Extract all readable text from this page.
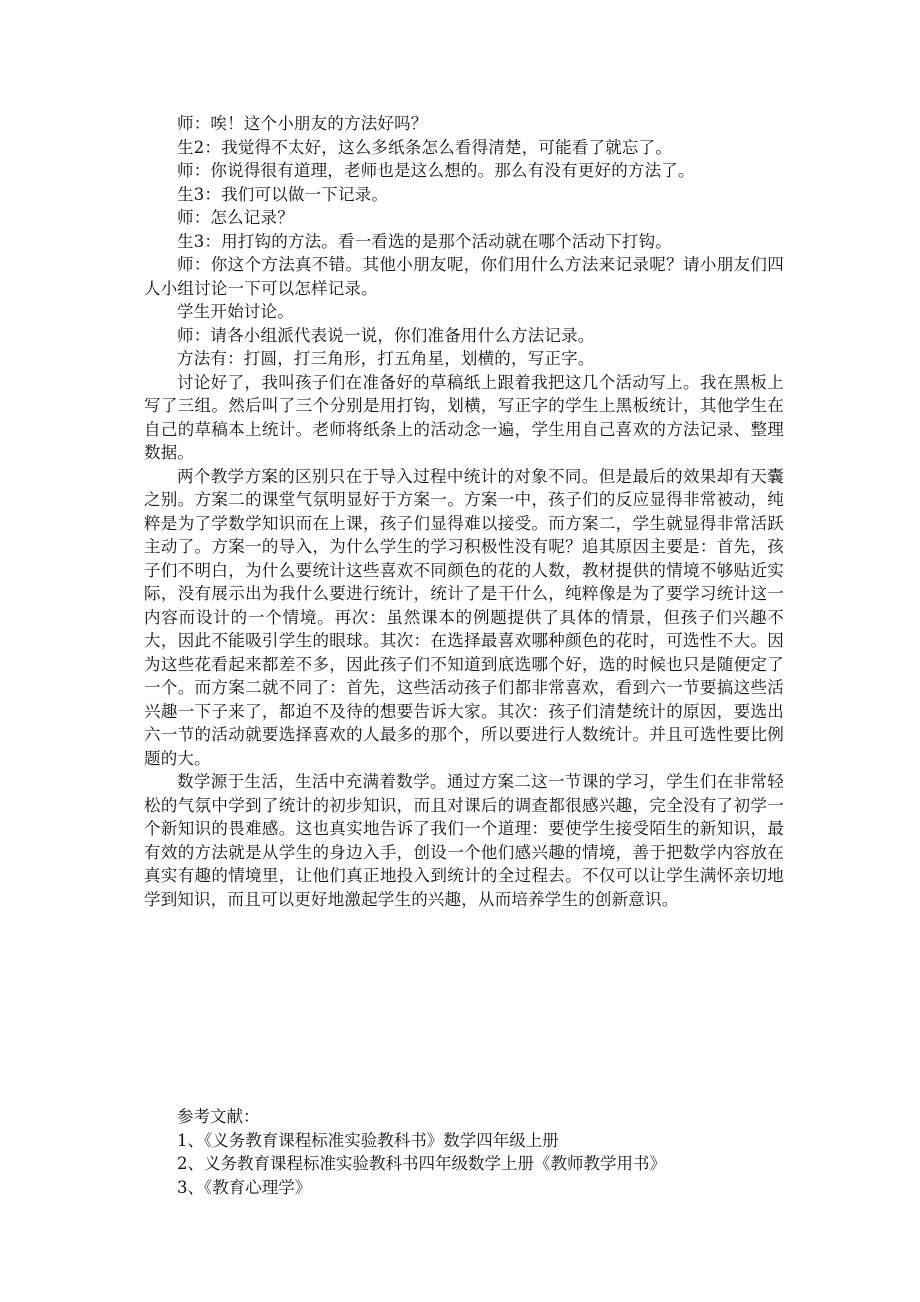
师：唉！这个小朋友的方法好吗？

生2：我觉得不太好，这么多纸条怎么看得清楚，可能看了就忘了。

师：你说得很有道理，老师也是这么想的。那么有没有更好的方法了。

生3：我们可以做一下记录。

师：怎么记录？

生3：用打钩的方法。看一看选的是那个活动就在哪个活动下打钩。

师：你这个方法真不错。其他小朋友呢，你们用什么方法来记录呢？请小朋友们四人小组讨论一下可以怎样记录。

学生开始讨论。

师：请各小组派代表说一说，你们准备用什么方法记录。

方法有：打圆，打三角形，打五角星，划横的，写正字。

讨论好了，我叫孩子们在准备好的草稿纸上跟着我把这几个活动写上。我在黑板上写了三组。然后叫了三个分别是用打钩，划横，写正字的学生上黑板统计，其他学生在自己的草稿本上统计。老师将纸条上的活动念一遍，学生用自己喜欢的方法记录、整理数据。

两个教学方案的区别只在于导入过程中统计的对象不同。但是最后的效果却有天囊之别。方案二的课堂气氛明显好于方案一。方案一中，孩子们的反应显得非常被动，纯粹是为了学数学知识而在上课，孩子们显得难以接受。而方案二，学生就显得非常活跃主动了。方案一的导入，为什么学生的学习积极性没有呢？追其原因主要是：首先，孩子们不明白，为什么要统计这些喜欢不同颜色的花的人数，教材提供的情境不够贴近实际，没有展示出为我什么要进行统计，统计了是干什么，纯粹像是为了要学习统计这一内容而设计的一个情境。再次：虽然课本的例题提供了具体的情景，但孩子们兴趣不大，因此不能吸引学生的眼球。其次：在选择最喜欢哪种颜色的花时，可选性不大。因为这些花看起来都差不多，因此孩子们不知道到底选哪个好，选的时候也只是随便定了一个。而方案二就不同了：首先，这些活动孩子们都非常喜欢，看到六一节要搞这些活兴趣一下子来了，都迫不及待的想要告诉大家。其次：孩子们清楚统计的原因，要选出六一节的活动就要选择喜欢的人最多的那个，所以要进行人数统计。并且可选性要比例题的大。

数学源于生活，生活中充满着数学。通过方案二这一节课的学习，学生们在非常轻松的气氛中学到了统计的初步知识，而且对课后的调查都很感兴趣，完全没有了初学一个新知识的畏难感。这也真实地告诉了我们一个道理：要使学生接受陌生的新知识，最有效的方法就是从学生的身边入手，创设一个他们感兴趣的情境，善于把数学内容放在真实有趣的情境里，让他们真正地投入到统计的全过程去。不仅可以让学生满怀亲切地学到知识，而且可以更好地激起学生的兴趣，从而培养学生的创新意识。

参考文献：

1、《义务教育课程标准实验教科书》数学四年级上册

2、义务教育课程标准实验教科书四年级数学上册《教师教学用书》

3、《教育心理学》
